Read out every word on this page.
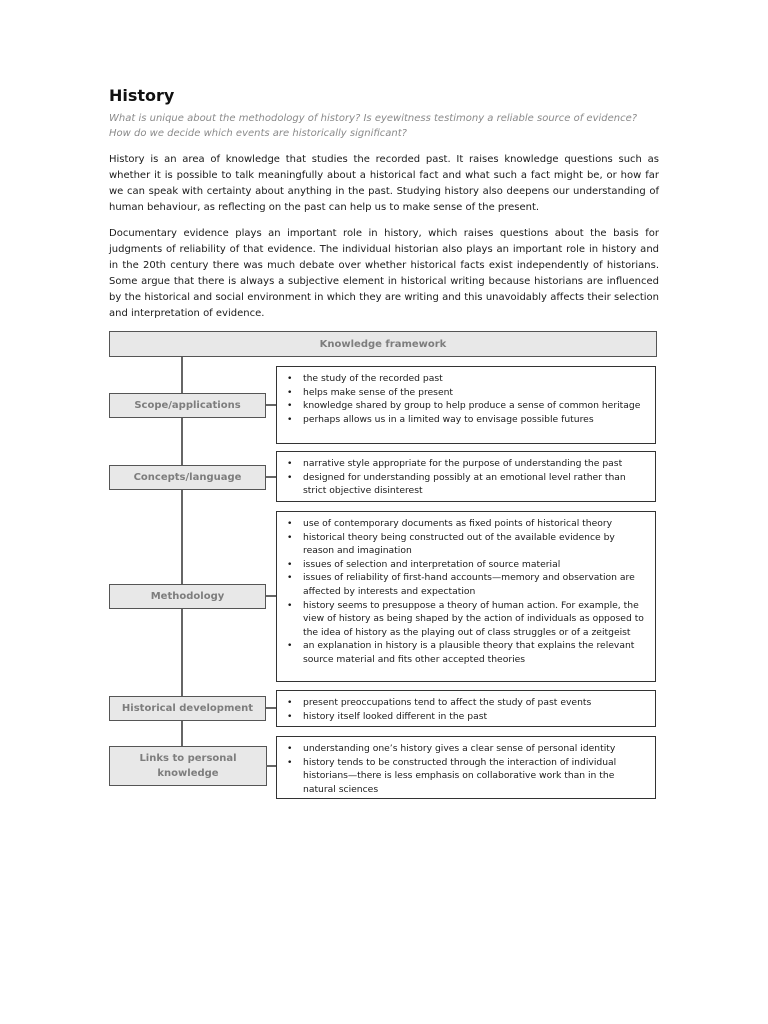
History

What is unique about the methodology of history? Is eyewitness testimony a reliable source of evidence? How do we decide which events are historically significant?

History is an area of knowledge that studies the recorded past. It raises knowledge questions such as whether it is possible to talk meaningfully about a historical fact and what such a fact might be, or how far we can speak with certainty about anything in the past. Studying history also deepens our understanding of human behaviour, as reflecting on the past can help us to make sense of the present.

Documentary evidence plays an important role in history, which raises questions about the basis for judgments of reliability of that evidence. The individual historian also plays an important role in history and in the 20th century there was much debate over whether historical facts exist independently of historians. Some argue that there is always a subjective element in historical writing because historians are influenced by the historical and social environment in which they are writing and this unavoidably affects their selection and interpretation of evidence.

Knowledge framework
Scope/applications
• the study of the recorded past
• helps make sense of the present
• knowledge shared by group to help produce a sense of common heritage
• perhaps allows us in a limited way to envisage possible futures
Concepts/language
• narrative style appropriate for the purpose of understanding the past
• designed for understanding possibly at an emotional level rather than strict objective disinterest
Methodology
• use of contemporary documents as fixed points of historical theory
• historical theory being constructed out of the available evidence by reason and imagination
• issues of selection and interpretation of source material
• issues of reliability of first-hand accounts—memory and observation are affected by interests and expectation
• history seems to presuppose a theory of human action. For example, the view of history as being shaped by the action of individuals as opposed to the idea of history as the playing out of class struggles or of a zeitgeist
• an explanation in history is a plausible theory that explains the relevant source material and fits other accepted theories
Historical development
• present preoccupations tend to affect the study of past events
• history itself looked different in the past
Links to personal knowledge
• understanding one’s history gives a clear sense of personal identity
• history tends to be constructed through the interaction of individual historians—there is less emphasis on collaborative work than in the natural sciences
